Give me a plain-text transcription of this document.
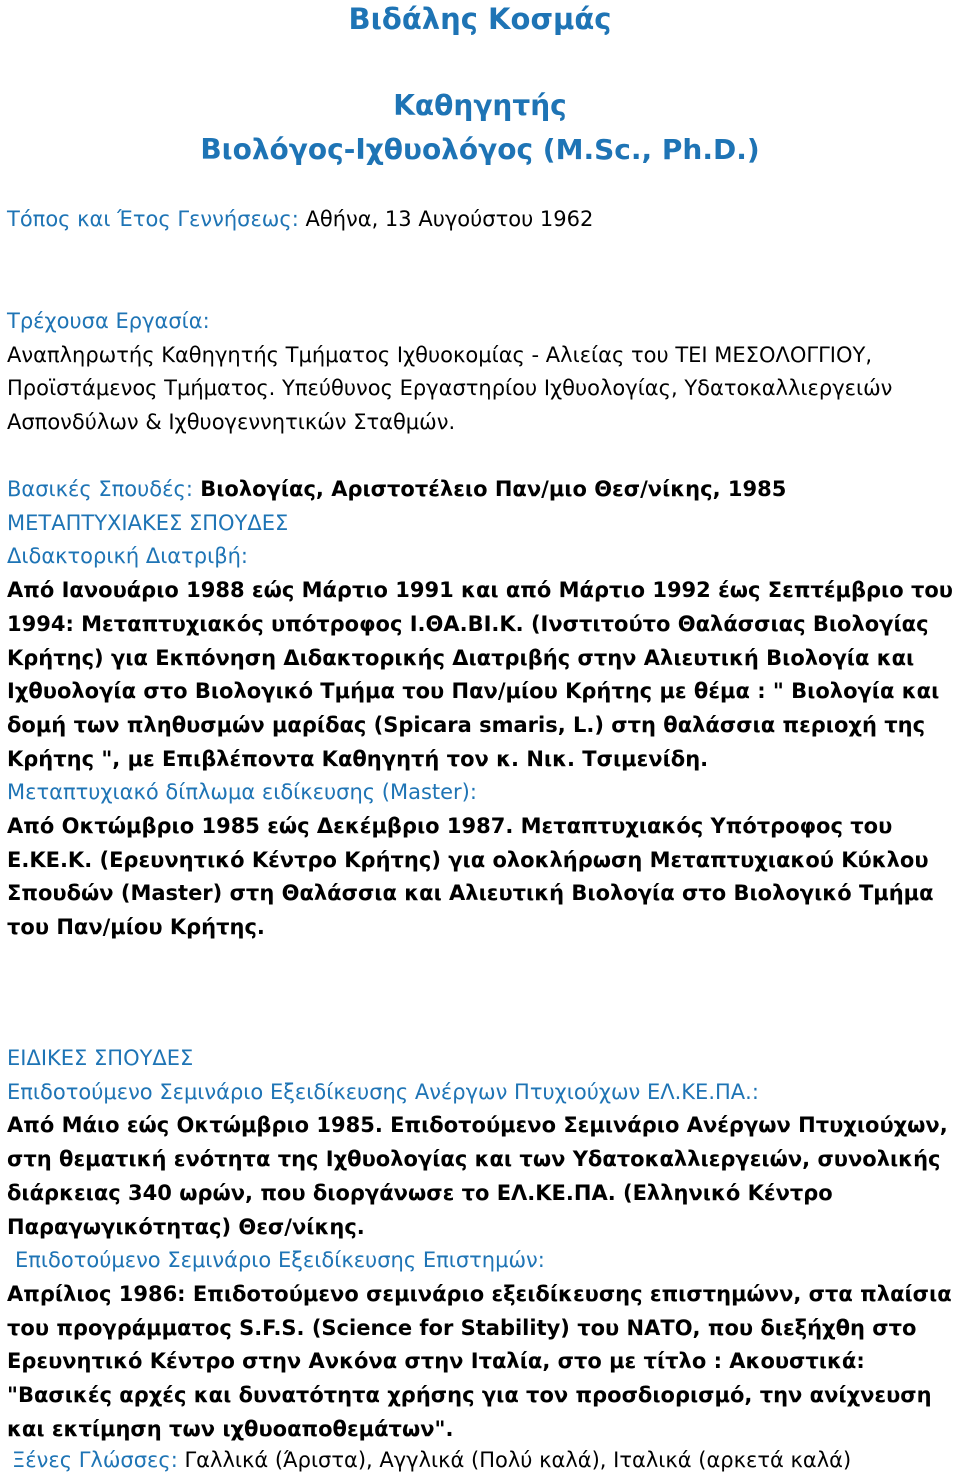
Βιδάλης Κοσμάς
Καθηγητής
Βιολόγος-Ιχθυολόγος (M.Sc., Ph.D.)
Τόπος και Έτος Γεννήσεως: Αθήνα, 13 Αυγούστου 1962
Τρέχουσα Εργασία:
Αναπληρωτής Καθηγητής Τμήματος Ιχθυοκομίας - Αλιείας του ΤΕΙ ΜΕΣΟΛΟΓΓΙΟΥ, Προϊστάμενος Τμήματος. Υπεύθυνος Εργαστηρίου Ιχθυολογίας, Υδατοκαλλιεργειών Ασπονδύλων & Ιχθυογεννητικών Σταθμών.
Βασικές Σπουδές: Βιολογίας, Αριστοτέλειο Παν/μιο Θεσ/νίκης, 1985
ΜΕΤΑΠΤΥΧΙΑΚΕΣ ΣΠΟΥΔΕΣ
Διδακτορική Διατριβή:
Από Ιανουάριο 1988 εώς Μάρτιο 1991 και από Μάρτιο 1992 έως Σεπτέμβριο του 1994: Μεταπτυχιακός υπότροφος Ι.ΘΑ.ΒΙ.Κ. (Ινστιτούτο Θαλάσσιας Βιολογίας Κρήτης) για Εκπόνηση Διδακτορικής Διατριβής στην Αλιευτική Βιολογία και Ιχθυολογία στο Βιολογικό Τμήμα του Παν/μίου Κρήτης με θέμα : " Βιολογία και δομή των πληθυσμών μαρίδας (Spicara smaris, L.) στη θαλάσσια περιοχή της Κρήτης ", με Επιβλέποντα Καθηγητή τον κ. Νικ. Τσιμενίδη.
Μεταπτυχιακό δίπλωμα ειδίκευσης (Master):
Από Οκτώμβριο 1985 εώς Δεκέμβριο 1987. Μεταπτυχιακός Υπότροφος του Ε.ΚΕ.Κ. (Ερευνητικό Κέντρο Κρήτης) για ολοκλήρωση Μεταπτυχιακού Κύκλου Σπουδών (Master) στη Θαλάσσια και Αλιευτική Βιολογία στο Βιολογικό Τμήμα του Παν/μίου Κρήτης.
ΕΙΔΙΚΕΣ ΣΠΟΥΔΕΣ
Επιδοτούμενο Σεμινάριο Εξειδίκευσης Ανέργων Πτυχιούχων ΕΛ.ΚΕ.ΠΑ.:
Από Μάιο εώς Οκτώμβριο 1985. Επιδοτούμενο Σεμινάριο Ανέργων Πτυχιούχων, στη θεματική ενότητα της Ιχθυολογίας και των Υδατοκαλλιεργειών, συνολικής διάρκειας 340 ωρών, που διοργάνωσε το ΕΛ.ΚΕ.ΠΑ. (Ελληνικό Κέντρο Παραγωγικότητας) Θεσ/νίκης.
Επιδοτούμενο Σεμινάριο Εξειδίκευσης Επιστημών:
Απρίλιος 1986: Επιδοτούμενο σεμινάριο εξειδίκευσης επιστημώνν, στα πλαίσια του προγράμματος S.F.S. (Science for Stability) του ΝΑΤΟ, που διεξήχθη στο Ερευνητικό Κέντρο στην Ανκόνα στην Ιταλία, στο με τίτλο : Ακουστικά: "Βασικές αρχές και δυνατότητα χρήσης για τον προσδιορισμό, την ανίχνευση και εκτίμηση των ιχθυοαποθεμάτων".
Ξένες Γλώσσες: Γαλλικά (Άριστα), Αγγλικά (Πολύ καλά), Ιταλικά (αρκετά καλά)
